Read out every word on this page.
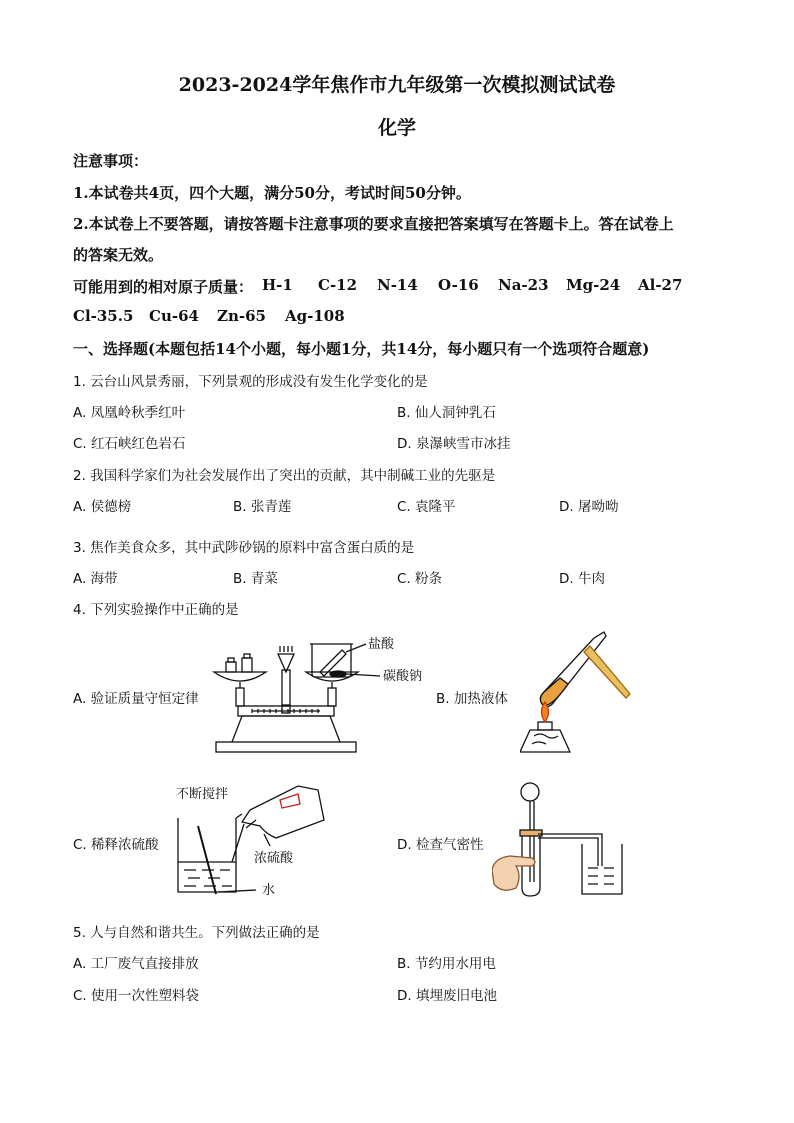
2023-2024学年焦作市九年级第一次模拟测试试卷
化学
注意事项：
1.本试卷共4页，四个大题，满分50分，考试时间50分钟。
2.本试卷上不要答题，请按答题卡注意事项的要求直接把答案填写在答题卡上。答在试卷上
的答案无效。
可能用到的相对原子质量： H-1 C-12 N-14 O-16 Na-23 Mg-24 Al-27
Cl-35.5 Cu-64 Zn-65 Ag-108
一、选择题(本题包括14个小题，每小题1分，共14分，每小题只有一个选项符合题意)
1. 云台山风景秀丽，下列景观的形成没有发生化学变化的是
A. 凤凰岭秋季红叶	B. 仙人洞钟乳石
C. 红石峡红色岩石	D. 泉瀑峡雪市冰挂
2. 我国科学家们为社会发展作出了突出的贡献，其中制碱工业的先驱是
A. 侯德榜	B. 张青莲	C. 袁隆平	D. 屠呦呦
3. 焦作美食众多，其中武陟砂锅的原料中富含蛋白质的是
A. 海带	B. 青菜	C. 粉条	D. 牛肉
4. 下列实验操作中正确的是
A. 验证质量守恒定律	B. 加热液体
C. 稀释浓硫酸	D. 检查气密性
盐酸
碳酸钠
不断搅拌
浓硫酸
水
5. 人与自然和谐共生。下列做法正确的是
A. 工厂废气直接排放	B. 节约用水用电
C. 使用一次性塑料袋	D. 填埋废旧电池
